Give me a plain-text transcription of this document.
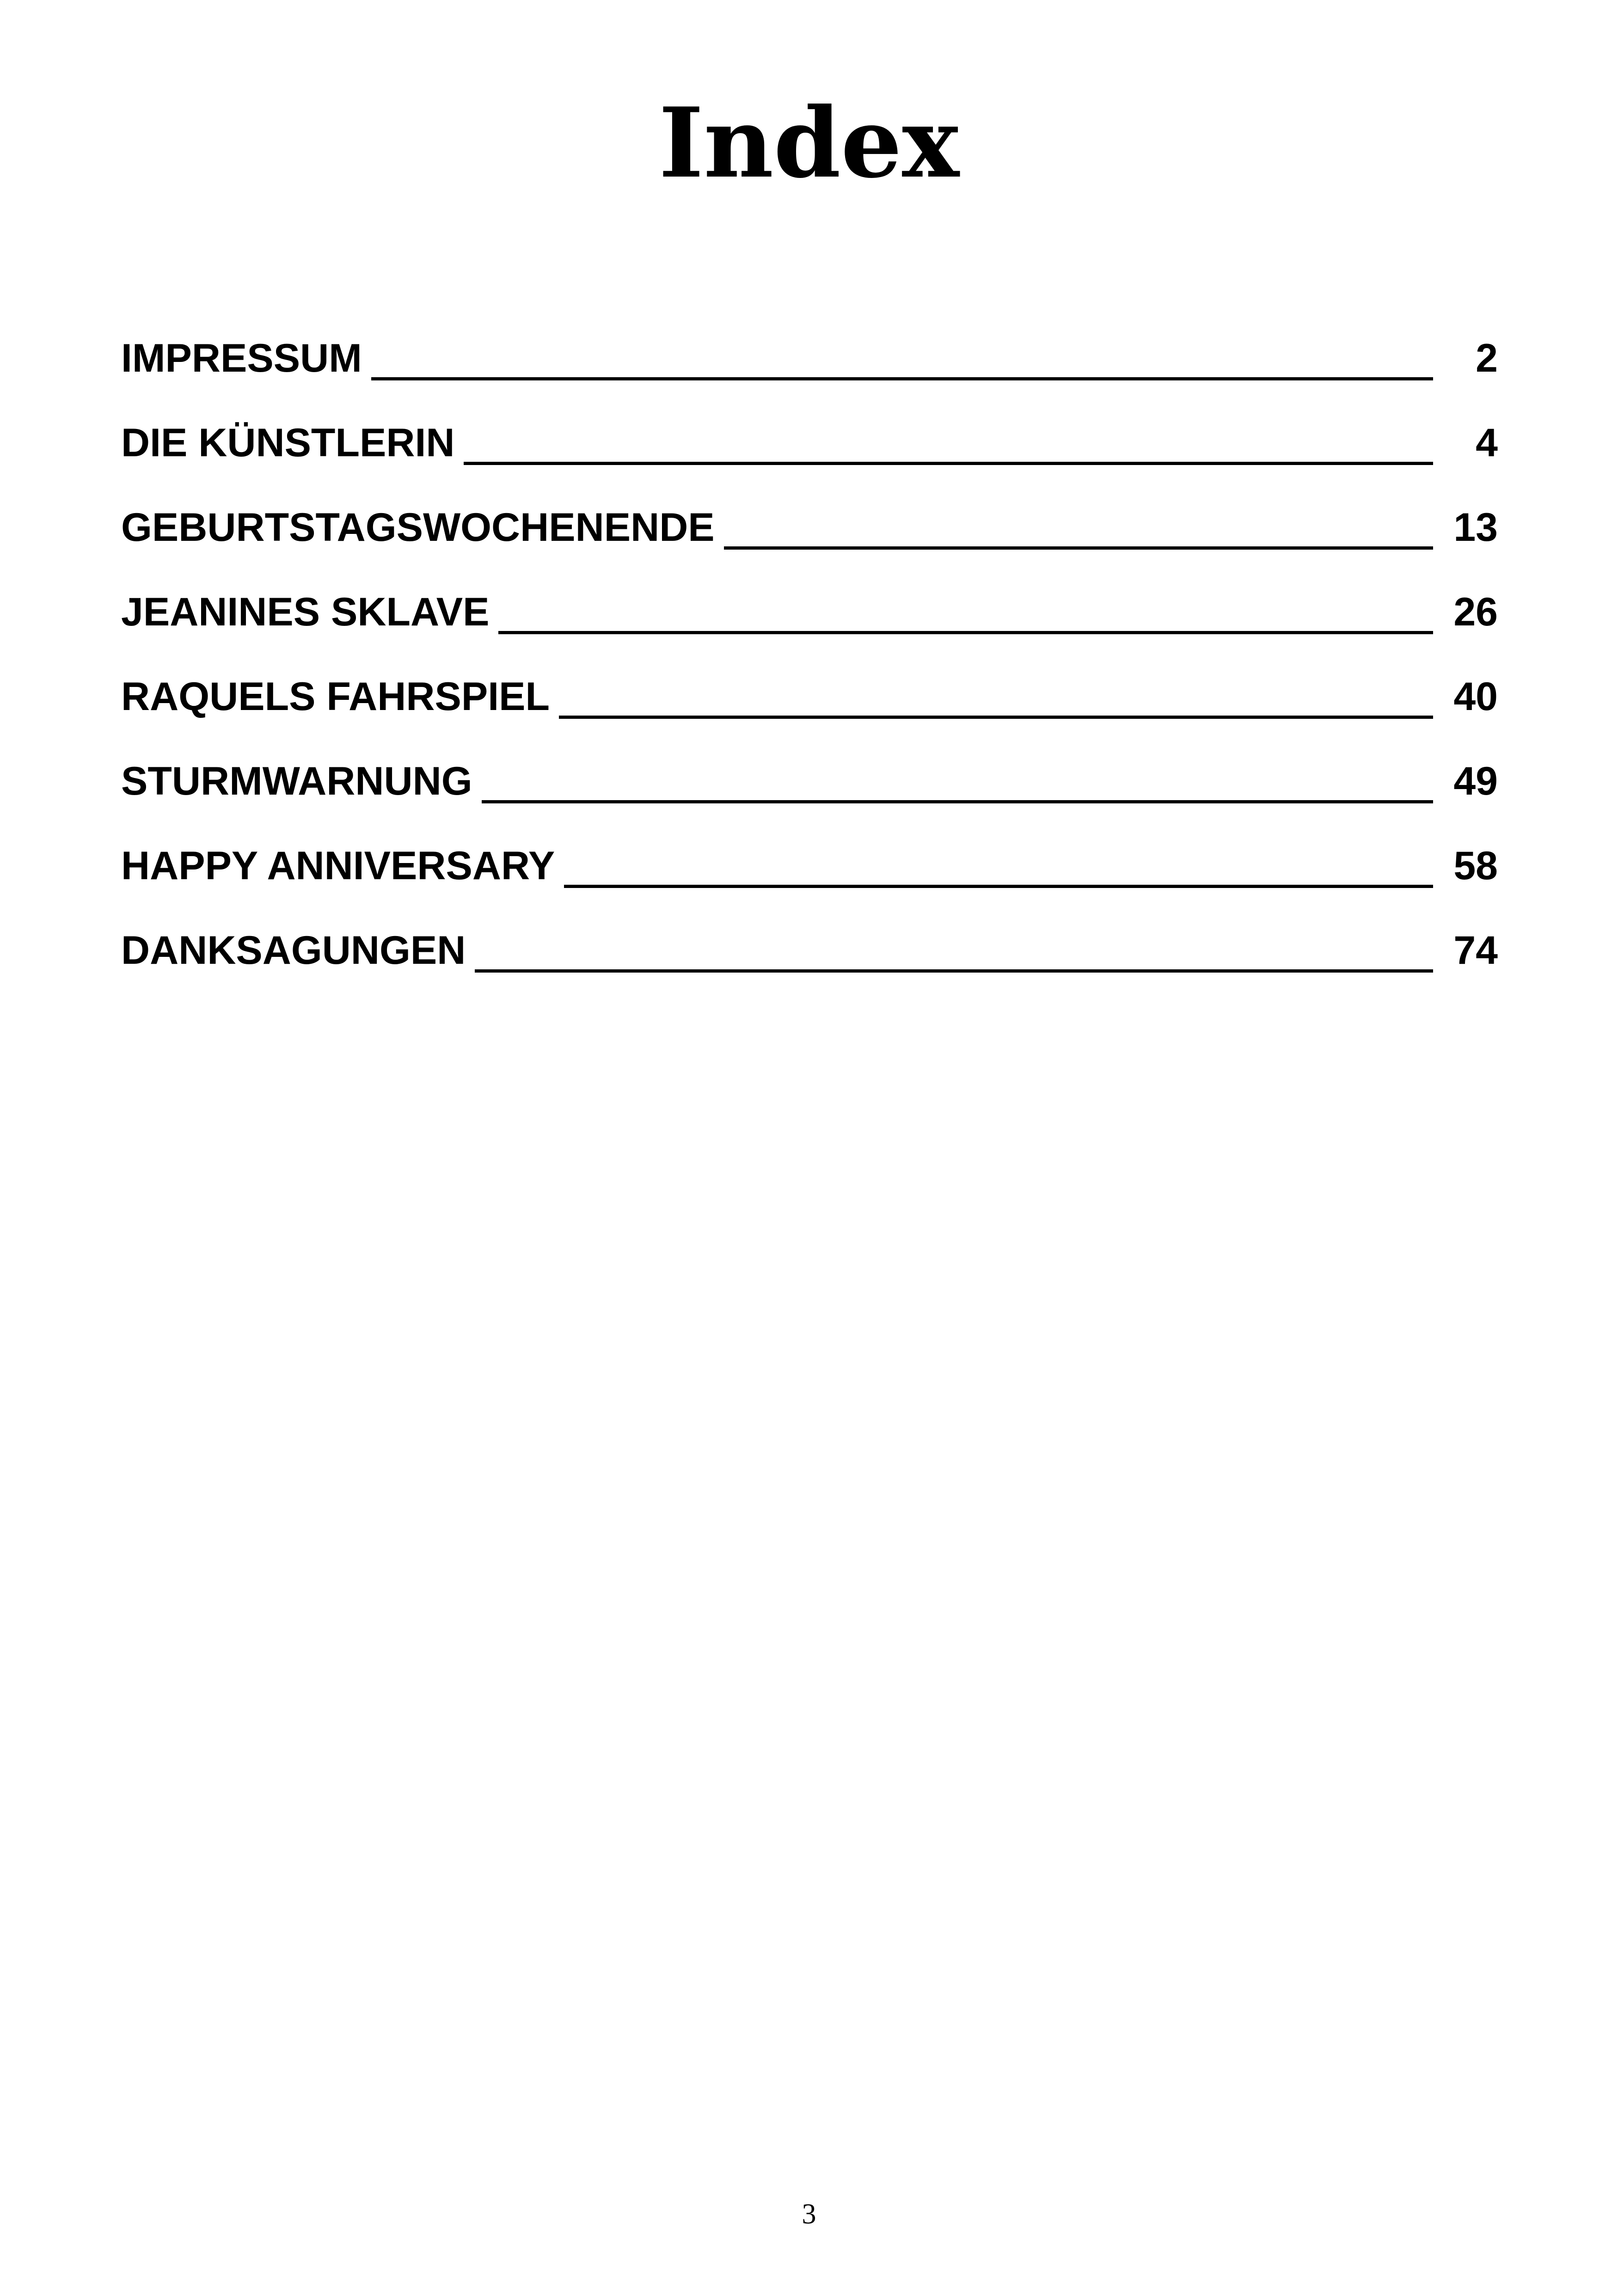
Index
IMPRESSUM	2
DIE KÜNSTLERIN	4
GEBURTSTAGSWOCHENENDE	13
JEANINES SKLAVE	26
RAQUELS FAHRSPIEL	40
STURMWARNUNG	49
HAPPY ANNIVERSARY	58
DANKSAGUNGEN	74
3
